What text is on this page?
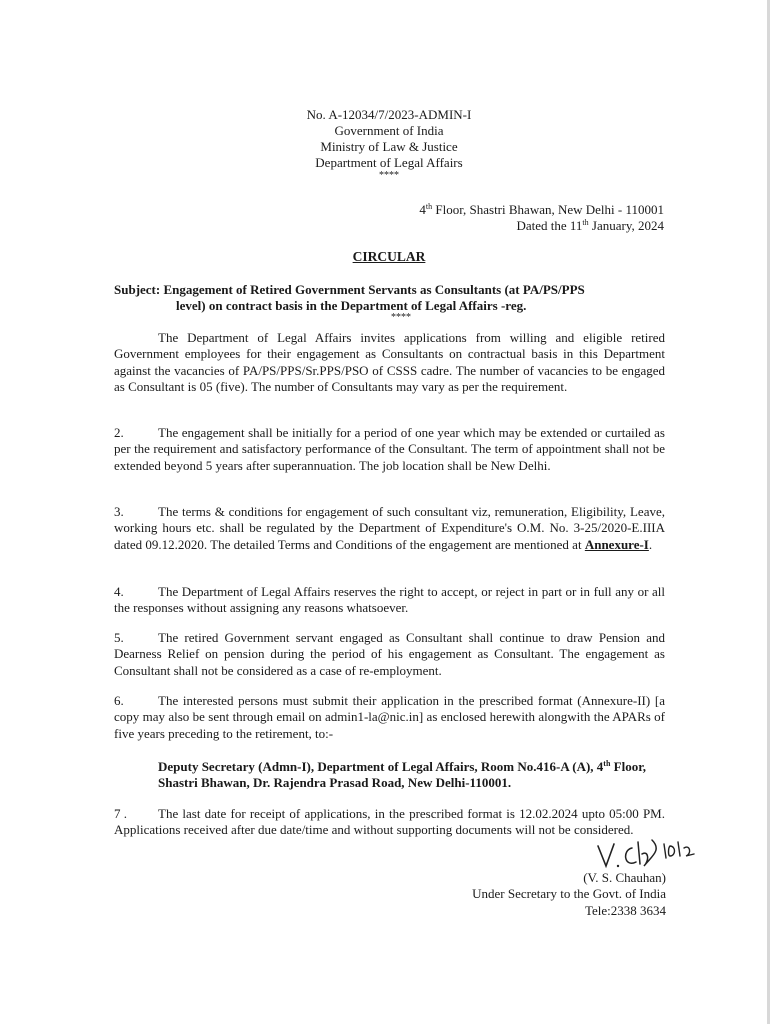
No. A-12034/7/2023-ADMIN-I
Government of India
Ministry of Law & Justice
Department of Legal Affairs
****
4th Floor, Shastri Bhawan, New Delhi - 110001
Dated the 11th January, 2024
CIRCULAR
Subject: Engagement of Retired Government Servants as Consultants (at PA/PS/PPS
level) on contract basis in the Department of Legal Affairs -reg.
****
The Department of Legal Affairs invites applications from willing and eligible retired Government employees for their engagement as Consultants on contractual basis in this Department against the vacancies of PA/PS/PPS/Sr.PPS/PSO of CSSS cadre. The number of vacancies to be engaged as Consultant is 05 (five). The number of Consultants may vary as per the requirement.
2.	The engagement shall be initially for a period of one year which may be extended or curtailed as per the requirement and satisfactory performance of the Consultant. The term of appointment shall not be extended beyond 5 years after superannuation. The job location shall be New Delhi.
3.	The terms & conditions for engagement of such consultant viz, remuneration, Eligibility, Leave, working hours etc. shall be regulated by the Department of Expenditure's O.M. No. 3-25/2020-E.IIIA dated 09.12.2020. The detailed Terms and Conditions of the engagement are mentioned at Annexure-I.
4.	The Department of Legal Affairs reserves the right to accept, or reject in part or in full any or all the responses without assigning any reasons whatsoever.
5.	The retired Government servant engaged as Consultant shall continue to draw Pension and Dearness Relief on pension during the period of his engagement as Consultant. The engagement as Consultant shall not be considered as a case of re-employment.
6.	The interested persons must submit their application in the prescribed format (Annexure-II) [a copy may also be sent through email on admin1-la@nic.in] as enclosed herewith alongwith the APARs of five years preceding to the retirement, to:-
Deputy Secretary (Admn-I), Department of Legal Affairs, Room No.416-A (A), 4th Floor, Shastri Bhawan, Dr. Rajendra Prasad Road, New Delhi-110001.
7 . The last date for receipt of applications, in the prescribed format is 12.02.2024 upto 05:00 PM. Applications received after due date/time and without supporting documents will not be considered.
(V. S. Chauhan)
Under Secretary to the Govt. of India
Tele:2338 3634
